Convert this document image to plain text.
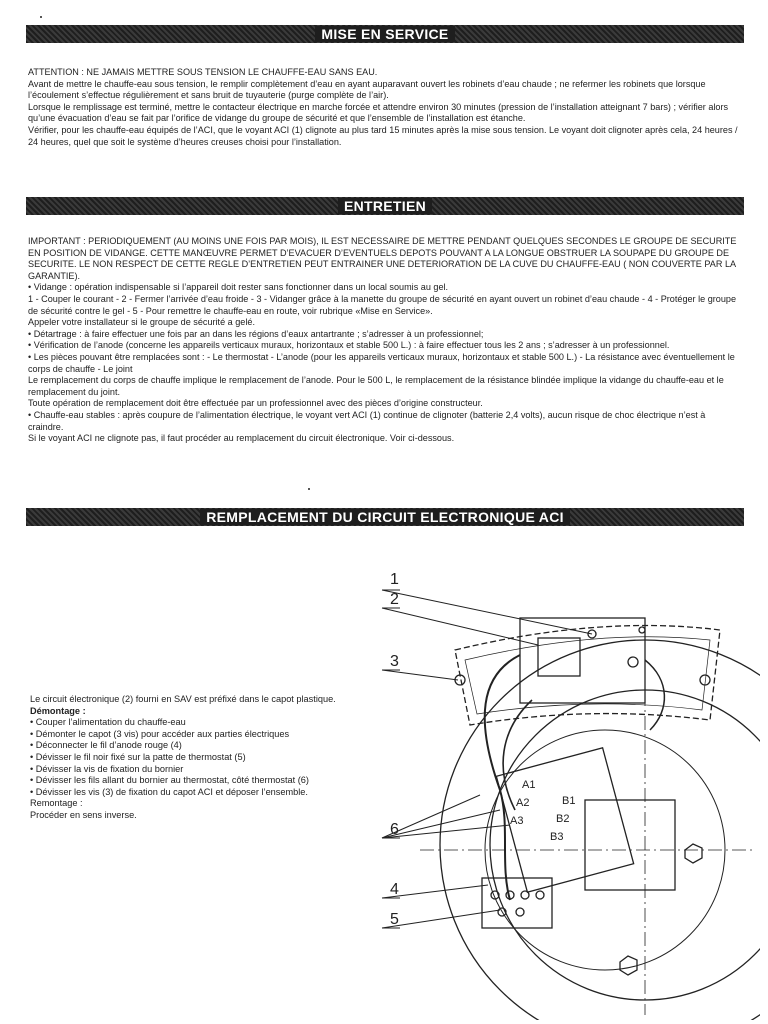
MISE EN SERVICE

ATTENTION : NE JAMAIS METTRE SOUS TENSION LE CHAUFFE-EAU SANS EAU.

Avant de mettre le chauffe-eau sous tension, le remplir complètement d’eau en ayant auparavant ouvert les robinets d’eau chaude ; ne refermer les robinets que lorsque l’écoulement s’effectue régulièrement et sans bruit de tuyauterie (purge complète de l’air).

Lorsque le remplissage est terminé, mettre le contacteur électrique en marche forcée et attendre environ 30 minutes (pression de l’installation atteignant 7 bars) ; vérifier alors qu’une évacuation d’eau se fait par l’orifice de vidange du groupe de sécurité et que l’ensemble de l’installation est étanche.

Vérifier, pour les chauffe-eau équipés de l’ACI, que le voyant ACI (1) clignote au plus tard 15 minutes après la mise sous tension. Le voyant doit clignoter après cela, 24 heures / 24 heures, quel que soit le système d’heures creuses choisi pour l’installation.

ENTRETIEN

IMPORTANT : PERIODIQUEMENT (AU MOINS UNE FOIS PAR MOIS), IL EST NECESSAIRE DE METTRE PENDANT QUELQUES SECONDES LE GROUPE DE SECURITE EN POSITION DE VIDANGE. CETTE MANŒUVRE PERMET D’EVACUER D’EVENTUELS DEPOTS POUVANT A LA LONGUE OBSTRUER LA SOUPAPE DU GROUPE DE SECURITE. LE NON RESPECT DE CETTE REGLE D’ENTRETIEN PEUT ENTRAINER UNE DETERIORATION DE LA CUVE DU CHAUFFE-EAU ( NON COUVERTE PAR LA GARANTIE).

• Vidange : opération indispensable si l’appareil doit rester sans fonctionner dans un local soumis au gel.

1 - Couper le courant - 2 - Fermer l’arrivée d’eau froide - 3 - Vidanger grâce à la manette du groupe de sécurité en ayant ouvert un robinet d’eau chaude - 4 - Protéger le groupe de sécurité contre le gel - 5 - Pour remettre le chauffe-eau en route, voir rubrique «Mise en Service».

Appeler votre installateur si le groupe de sécurité a gelé.

• Détartrage : à faire effectuer une fois par an dans les régions d’eaux antartrante ; s’adresser à un professionnel;

• Vérification de l’anode (concerne les appareils verticaux muraux, horizontaux et stable 500 L.) : à faire effectuer tous les 2 ans ; s’adresser à un professionnel.

• Les pièces pouvant être remplacées sont : - Le thermostat - L’anode (pour les appareils verticaux muraux, horizontaux et stable 500 L.) - La résistance avec éventuellement le corps de chauffe - Le joint

Le remplacement du corps de chauffe implique le remplacement de l’anode. Pour le 500 L, le remplacement de la résistance blindée implique la vidange du chauffe-eau et le remplacement du joint.

Toute opération de remplacement doit être effectuée par un professionnel avec des pièces d’origine constructeur.

• Chauffe-eau stables : après coupure de l’alimentation électrique, le voyant vert ACI (1) continue de clignoter (batterie 2,4 volts), aucun risque de choc électrique n’est à craindre.

Si le voyant ACI ne clignote pas, il faut procéder au remplacement du circuit électronique. Voir ci-dessous.

REMPLACEMENT DU CIRCUIT ELECTRONIQUE ACI

Le circuit électronique (2) fourni en SAV est préfixé dans le capot plastique.

Démontage :

• Couper l’alimentation du chauffe-eau

• Démonter le capot (3 vis) pour accéder aux parties électriques

• Déconnecter le fil d’anode rouge (4)

• Dévisser le fil noir fixé sur la patte de thermostat (5)

• Dévisser la vis de fixation du bornier

• Dévisser les fils allant du bornier au thermostat, côté thermostat (6)

• Dévisser les vis (3) de fixation du capot ACI et déposer l’ensemble.

Remontage :

Procéder en sens inverse.

1
2
3
6
4
5
A1
A2
A3
B1
B2
B3
